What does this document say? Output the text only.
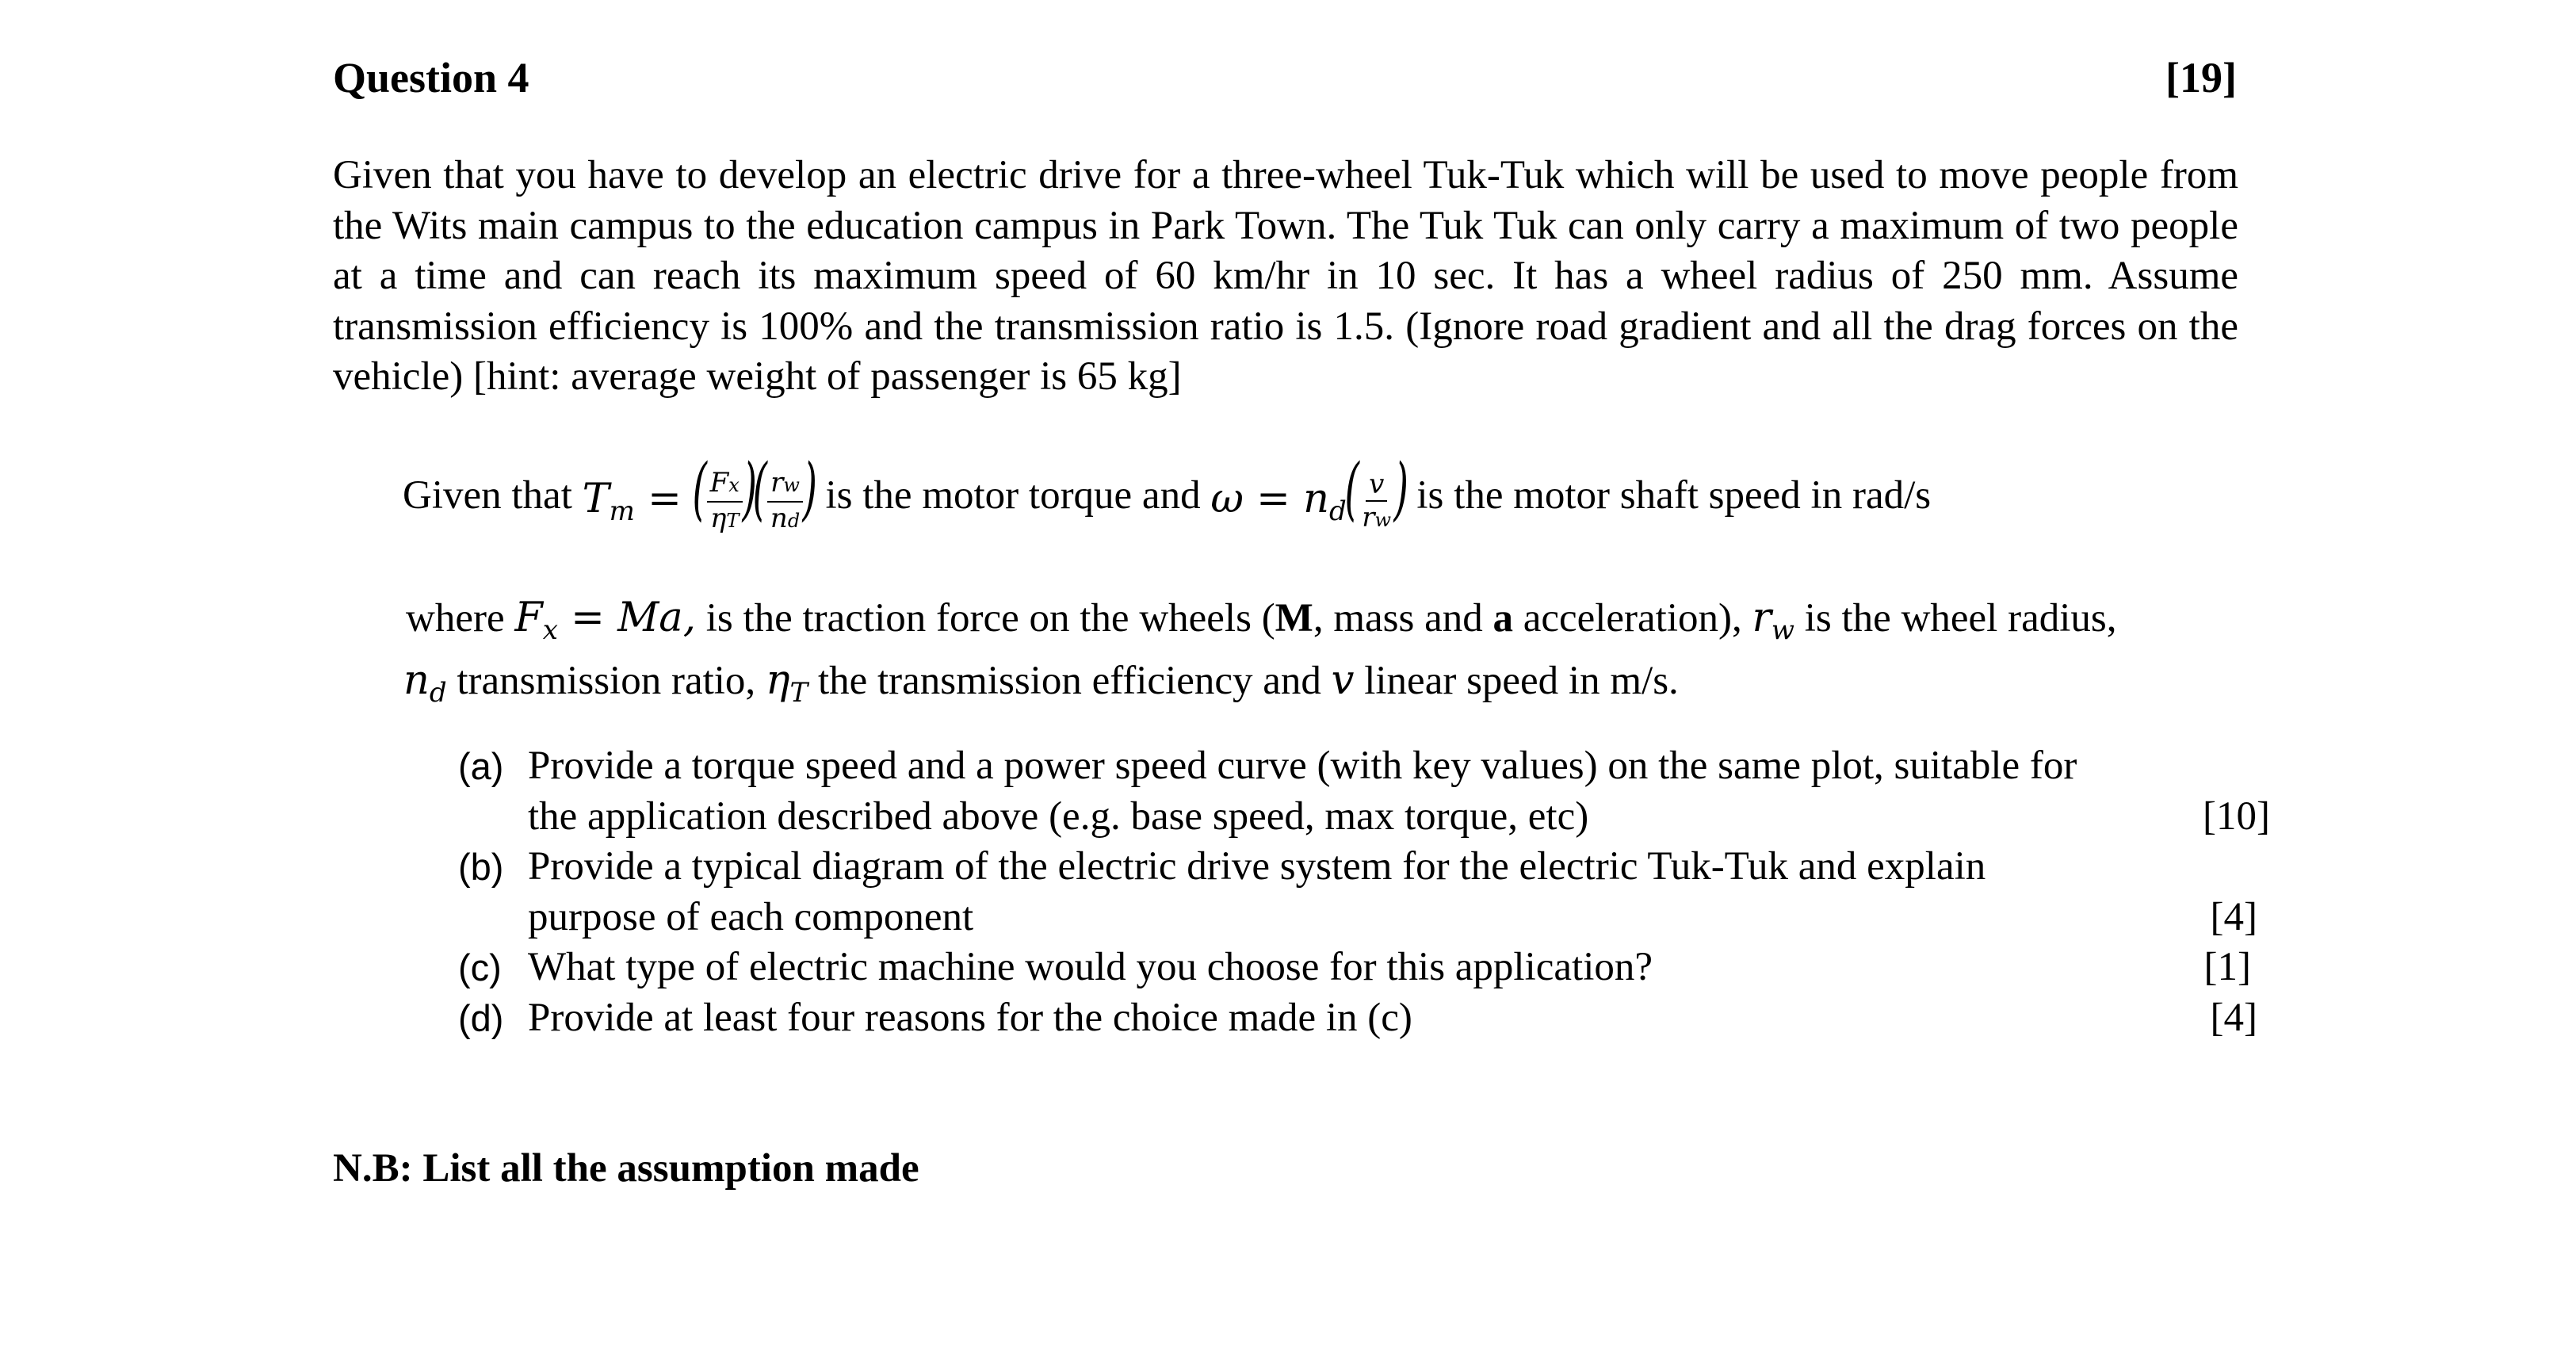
Question 4	[19]
Given that you have to develop an electric drive for a three-wheel Tuk-Tuk which will be used to move people from the Wits main campus to the education campus in Park Town. The Tuk Tuk can only carry a maximum of two people at a time and can reach its maximum speed of 60 km/hr in 10 sec. It has a wheel radius of 250 mm. Assume transmission efficiency is 100% and the transmission ratio is 1.5. (Ignore road gradient and all the drag forces on the vehicle) [hint: average weight of passenger is 65 kg]
Given that
$T_m$ = ( $\frac{Fx}{\eta T}$ )( $\frac{rw}{nd}$ )
is the motor torque and
$\omega = n_d( \frac{v}{rw}$ )
is the motor shaft speed in rad/s
where $F_x = Ma$, is the traction force on the wheels (M, mass and a acceleration), $r_w$ is the wheel radius,
$n_d$ transmission ratio, $\eta_T$ the transmission efficiency and v linear speed in m/s.
(a) Provide a torque speed and a power speed curve (with key values) on the same plot, suitable for
the application described above (e.g. base speed, max torque, etc)	[10]
(b) Provide a typical diagram of the electric drive system for the electric Tuk-Tuk and explain
purpose of each component	[4]
(c) What type of electric machine would you choose for this application?	[1]
(d) Provide at least four reasons for the choice made in (c)	[4]
N.B: List all the assumption made
